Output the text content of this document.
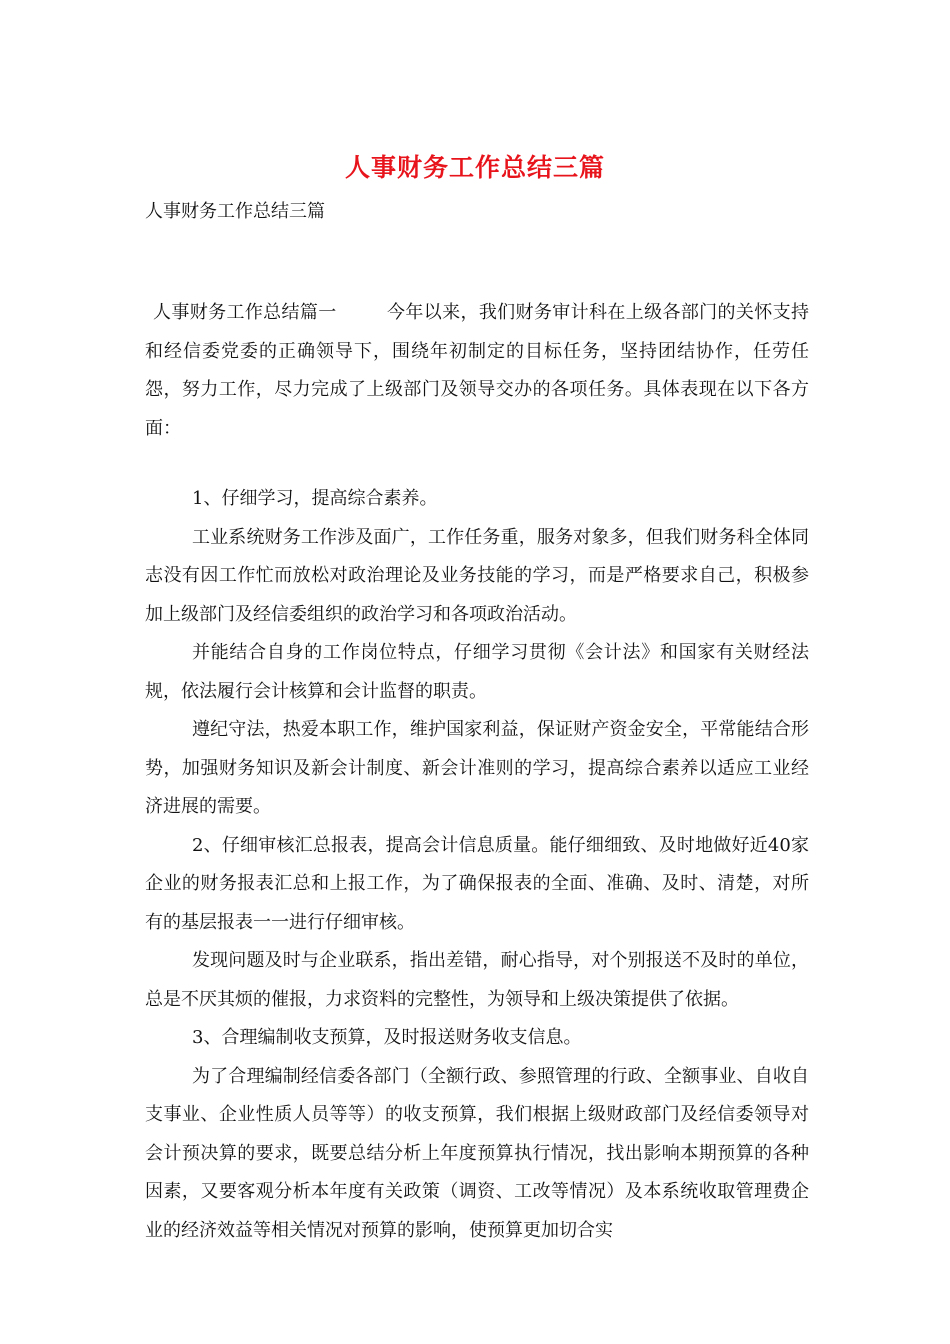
人事财务工作总结三篇
人事财务工作总结三篇
人事财务工作总结篇一	今年以来，我们财务审计科在上级各部门的关怀支持和经信委党委的正确领导下，围绕年初制定的目标任务，坚持团结协作，任劳任怨，努力工作，尽力完成了上级部门及领导交办的各项任务。具体表现在以下各方面：

1、仔细学习，提高综合素养。

工业系统财务工作涉及面广，工作任务重，服务对象多，但我们财务科全体同志没有因工作忙而放松对政治理论及业务技能的学习，而是严格要求自己，积极参加上级部门及经信委组织的政治学习和各项政治活动。

并能结合自身的工作岗位特点，仔细学习贯彻《会计法》和国家有关财经法规，依法履行会计核算和会计监督的职责。

遵纪守法，热爱本职工作，维护国家利益，保证财产资金安全，平常能结合形势，加强财务知识及新会计制度、新会计准则的学习，提高综合素养以适应工业经济进展的需要。

2、仔细审核汇总报表，提高会计信息质量。能仔细细致、及时地做好近40家企业的财务报表汇总和上报工作，为了确保报表的全面、准确、及时、清楚，对所有的基层报表一一进行仔细审核。

发现问题及时与企业联系，指出差错，耐心指导，对个别报送不及时的单位，总是不厌其烦的催报，力求资料的完整性，为领导和上级决策提供了依据。

3、合理编制收支预算，及时报送财务收支信息。

为了合理编制经信委各部门（全额行政、参照管理的行政、全额事业、自收自支事业、企业性质人员等等）的收支预算，我们根据上级财政部门及经信委领导对会计预决算的要求，既要总结分析上年度预算执行情况，找出影响本期预算的各种因素，又要客观分析本年度有关政策（调资、工改等情况）及本系统收取管理费企业的经济效益等相关情况对预算的影响，使预算更加切合实
